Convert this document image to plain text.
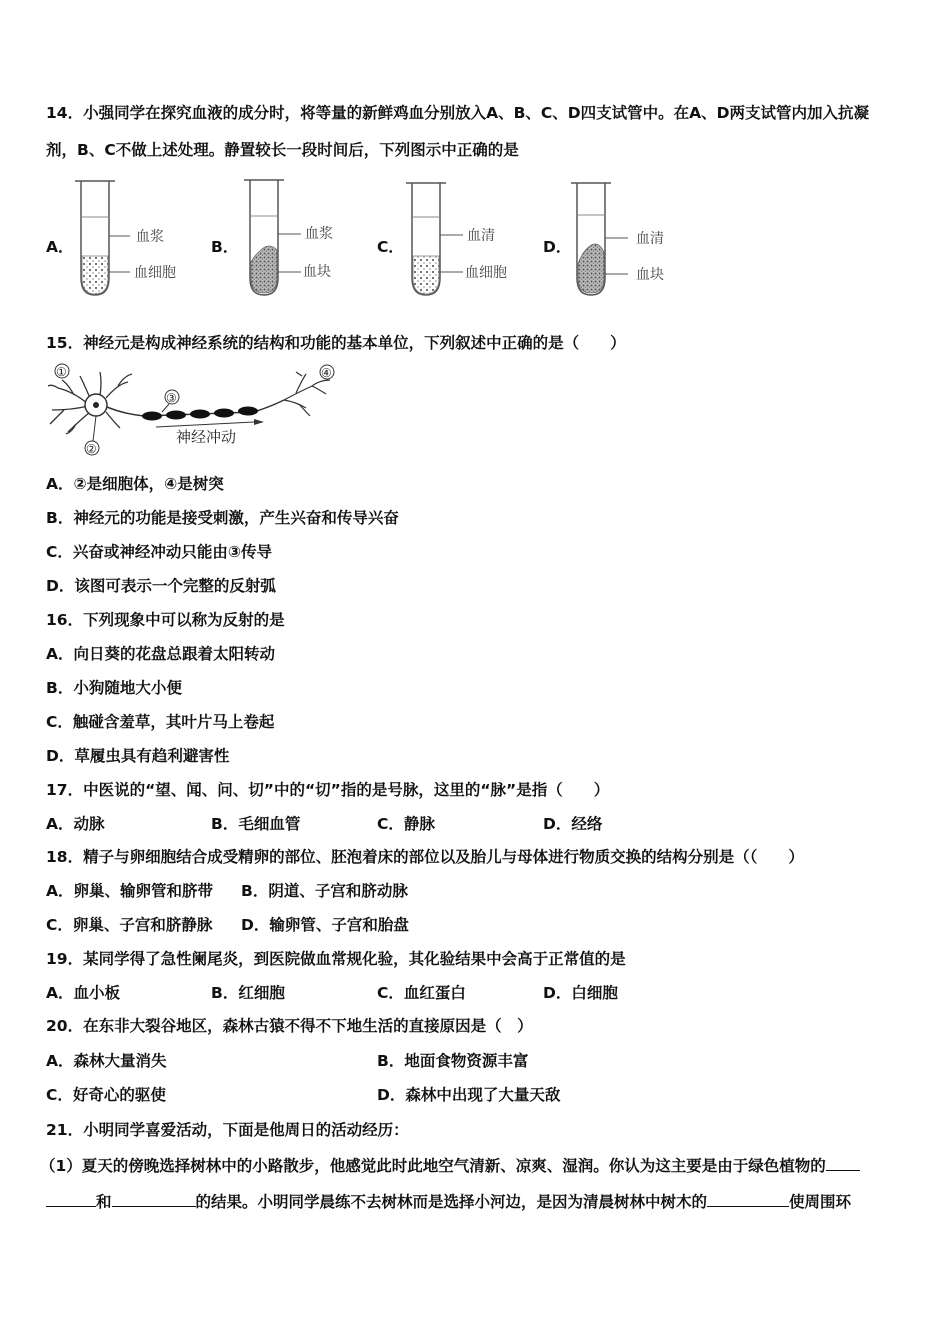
14．小强同学在探究血液的成分时，将等量的新鲜鸡血分别放入A、B、C、D四支试管中。在A、D两支试管内加入抗凝
剂，B、C不做上述处理。静置较长一段时间后，下列图示中正确的是
A．	B．	C．	D．
血浆
血细胞
血浆
血块
血清
血细胞
血清
血块
15．神经元是构成神经系统的结构和功能的基本单位，下列叙述中正确的是（　　）
①
②
③
④
神经冲动
A．②是细胞体，④是树突
B．神经元的功能是接受刺激，产生兴奋和传导兴奋
C．兴奋或神经冲动只能由③传导
D．该图可表示一个完整的反射弧
16．下列现象中可以称为反射的是
A．向日葵的花盘总跟着太阳转动
B．小狗随地大小便
C．触碰含羞草，其叶片马上卷起
D．草履虫具有趋利避害性
17．中医说的“望、闻、问、切”中的“切”指的是号脉，这里的“脉”是指（　　）
A．动脉	B．毛细血管	C．静脉	D．经络
18．精子与卵细胞结合成受精卵的部位、胚泡着床的部位以及胎儿与母体进行物质交换的结构分别是（（　　）
A．卵巢、输卵管和脐带 B．阴道、子宫和脐动脉
C．卵巢、子宫和脐静脉 D．输卵管、子宫和胎盘
19．某同学得了急性阑尾炎，到医院做血常规化验，其化验结果中会高于正常值的是
A．血小板	B．红细胞	C．血红蛋白	D．白细胞
20．在东非大裂谷地区，森林古猿不得不下地生活的直接原因是（　）
A．森林大量消失	B．地面食物资源丰富
C．好奇心的驱使	D．森林中出现了大量天敌
21．小明同学喜爱活动，下面是他周日的活动经历：
（1）夏天的傍晚选择树林中的小路散步，他感觉此时此地空气清新、凉爽、湿润。你认为这主要是由于绿色植物的
和	的结果。小明同学晨练不去树林而是选择小河边，是因为清晨树林中树木的	使周围环
